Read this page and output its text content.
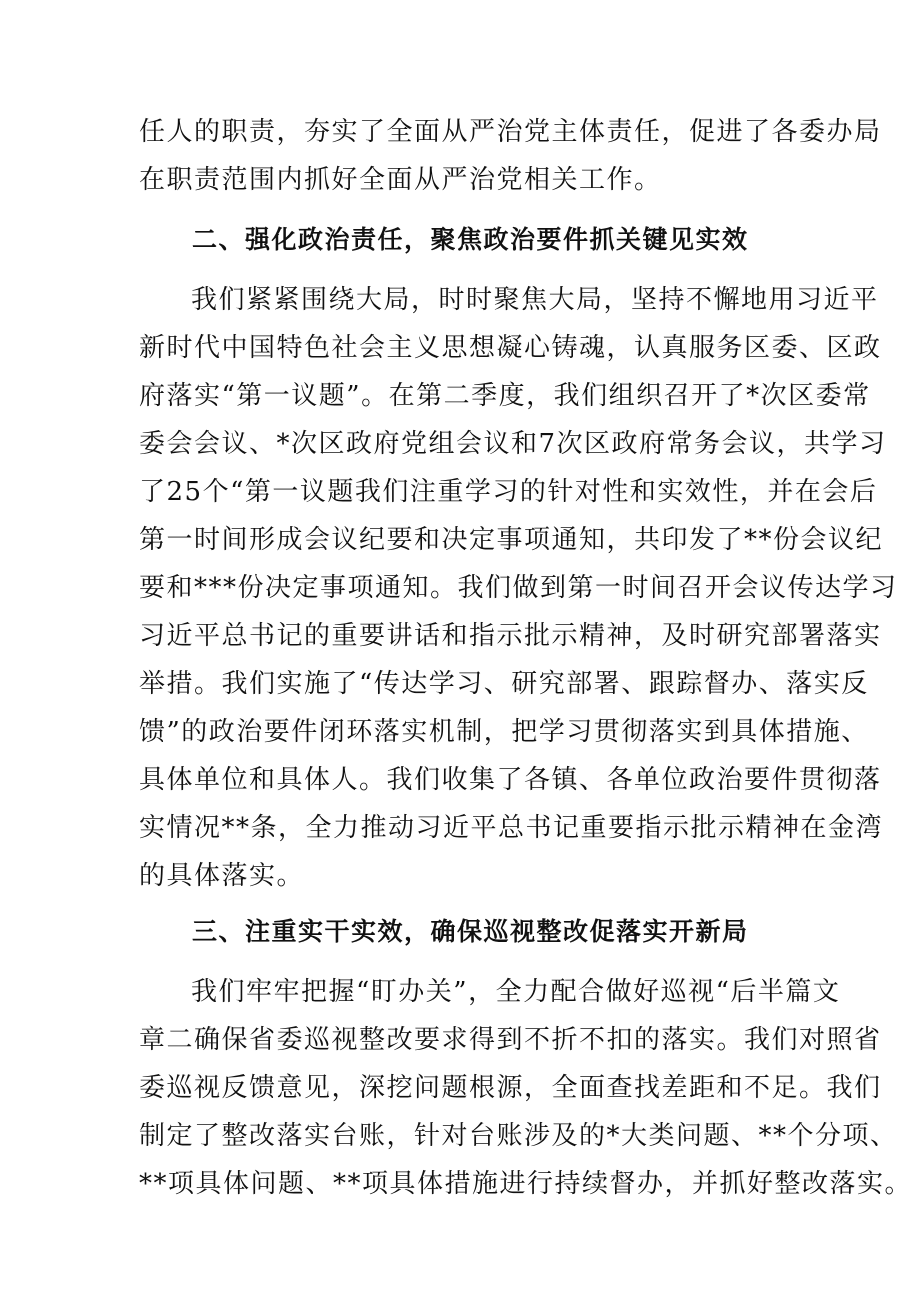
任人的职责，夯实了全面从严治党主体责任，促进了各委办局
在职责范围内抓好全面从严治党相关工作。
二、强化政治责任，聚焦政治要件抓关键见实效
我们紧紧围绕大局，时时聚焦大局，坚持不懈地用习近平
新时代中国特色社会主义思想凝心铸魂，认真服务区委、区政
府落实“第一议题”。在第二季度，我们组织召开了*次区委常
委会会议、*次区政府党组会议和7次区政府常务会议，共学习
了25个“第一议题我们注重学习的针对性和实效性，并在会后
第一时间形成会议纪要和决定事项通知，共印发了**份会议纪
要和***份决定事项通知。我们做到第一时间召开会议传达学习
习近平总书记的重要讲话和指示批示精神，及时研究部署落实
举措。我们实施了“传达学习、研究部署、跟踪督办、落实反
馈”的政治要件闭环落实机制，把学习贯彻落实到具体措施、
具体单位和具体人。我们收集了各镇、各单位政治要件贯彻落
实情况**条，全力推动习近平总书记重要指示批示精神在金湾
的具体落实。
三、注重实干实效，确保巡视整改促落实开新局
我们牢牢把握“盯办关”，全力配合做好巡视“后半篇文
章二确保省委巡视整改要求得到不折不扣的落实。我们对照省
委巡视反馈意见，深挖问题根源，全面查找差距和不足。我们
制定了整改落实台账，针对台账涉及的*大类问题、**个分项、
**项具体问题、**项具体措施进行持续督办，并抓好整改落实。
